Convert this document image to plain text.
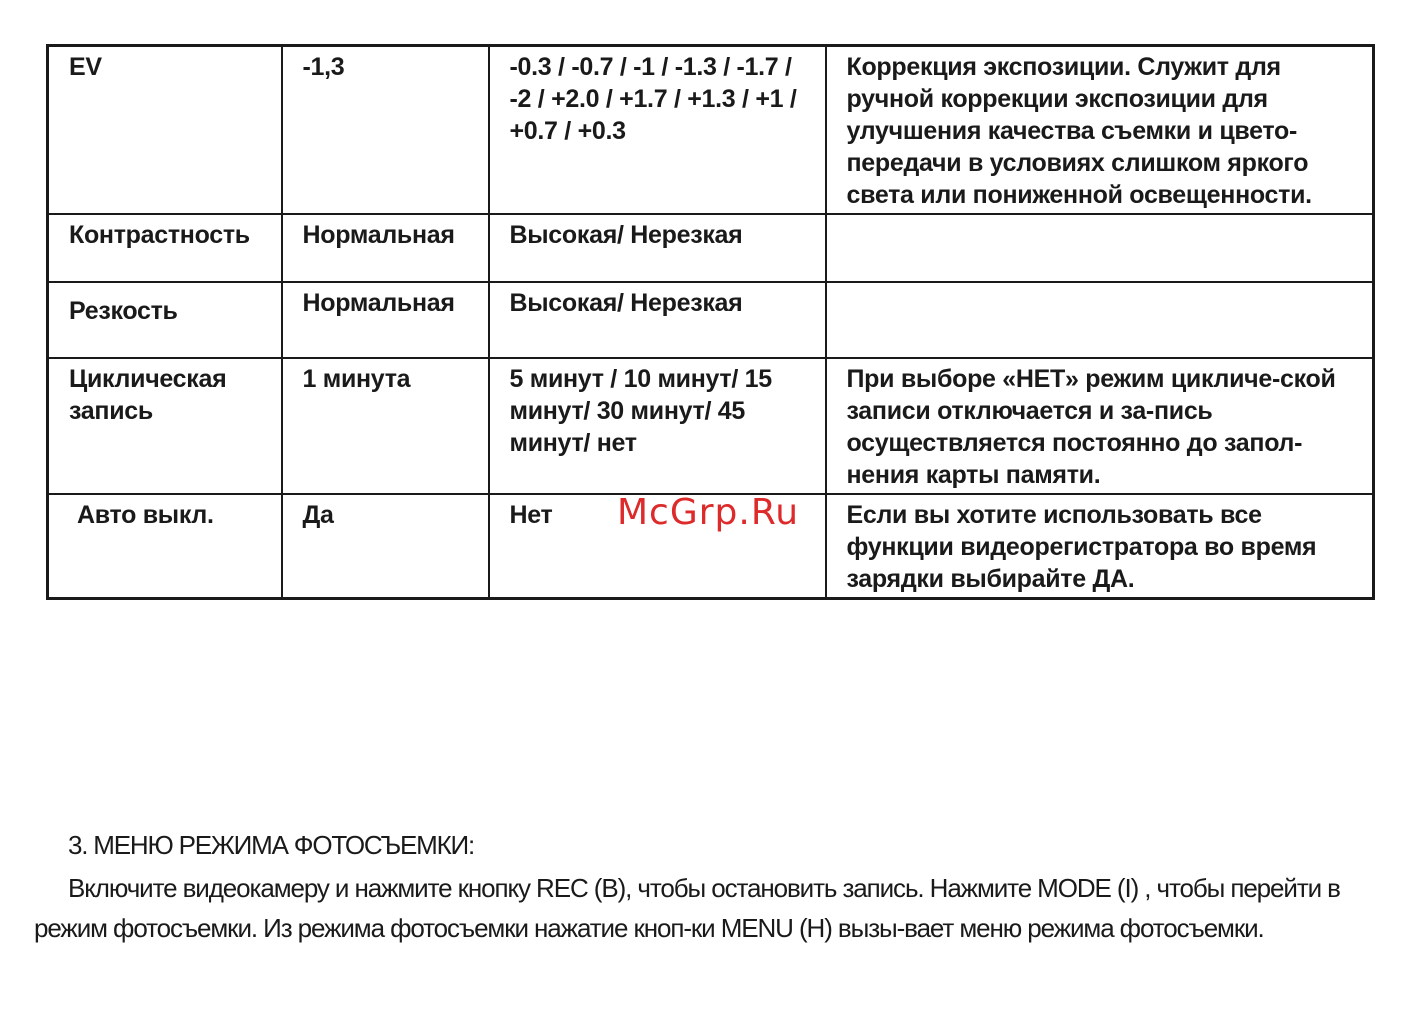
EV	-1,3	-0.3 / -0.7 / -1 / -1.3 / -1.7 / -2 / +2.0 / +1.7 / +1.3 / +1 / +0.7 / +0.3	Коррекция экспозиции. Служит для ручной коррекции экспозиции для улучшения качества съемки и цвето-передачи в условиях слишком яркого света или пониженной освещенности.
Контрастность	Нормальная	Высокая/ Нерезкая	
Резкость	Нормальная	Высокая/ Нерезкая	
Циклическая запись	1 минута	5 минут / 10 минут/ 15 минут/ 30 минут/ 45 минут/ нет	При выборе «НЕТ» режим цикличе-ской записи отключается и за-пись осуществляется постоянно до запол-нения карты памяти.
Авто выкл.	Да	Нет	Если вы хотите использовать все функции видеорегистратора во время зарядки выбирайте ДА.
McGrp.Ru
3. МЕНЮ РЕЖИМА ФОТОСЪЕМКИ:

Включите видеокамеру и нажмите кнопку REC (B), чтобы остановить запись. Нажмите MODE (I) , чтобы перейти в режим фотосъемки. Из режима фотосъемки нажатие кноп-ки MENU (H) вызы-вает меню режима фотосъемки.
